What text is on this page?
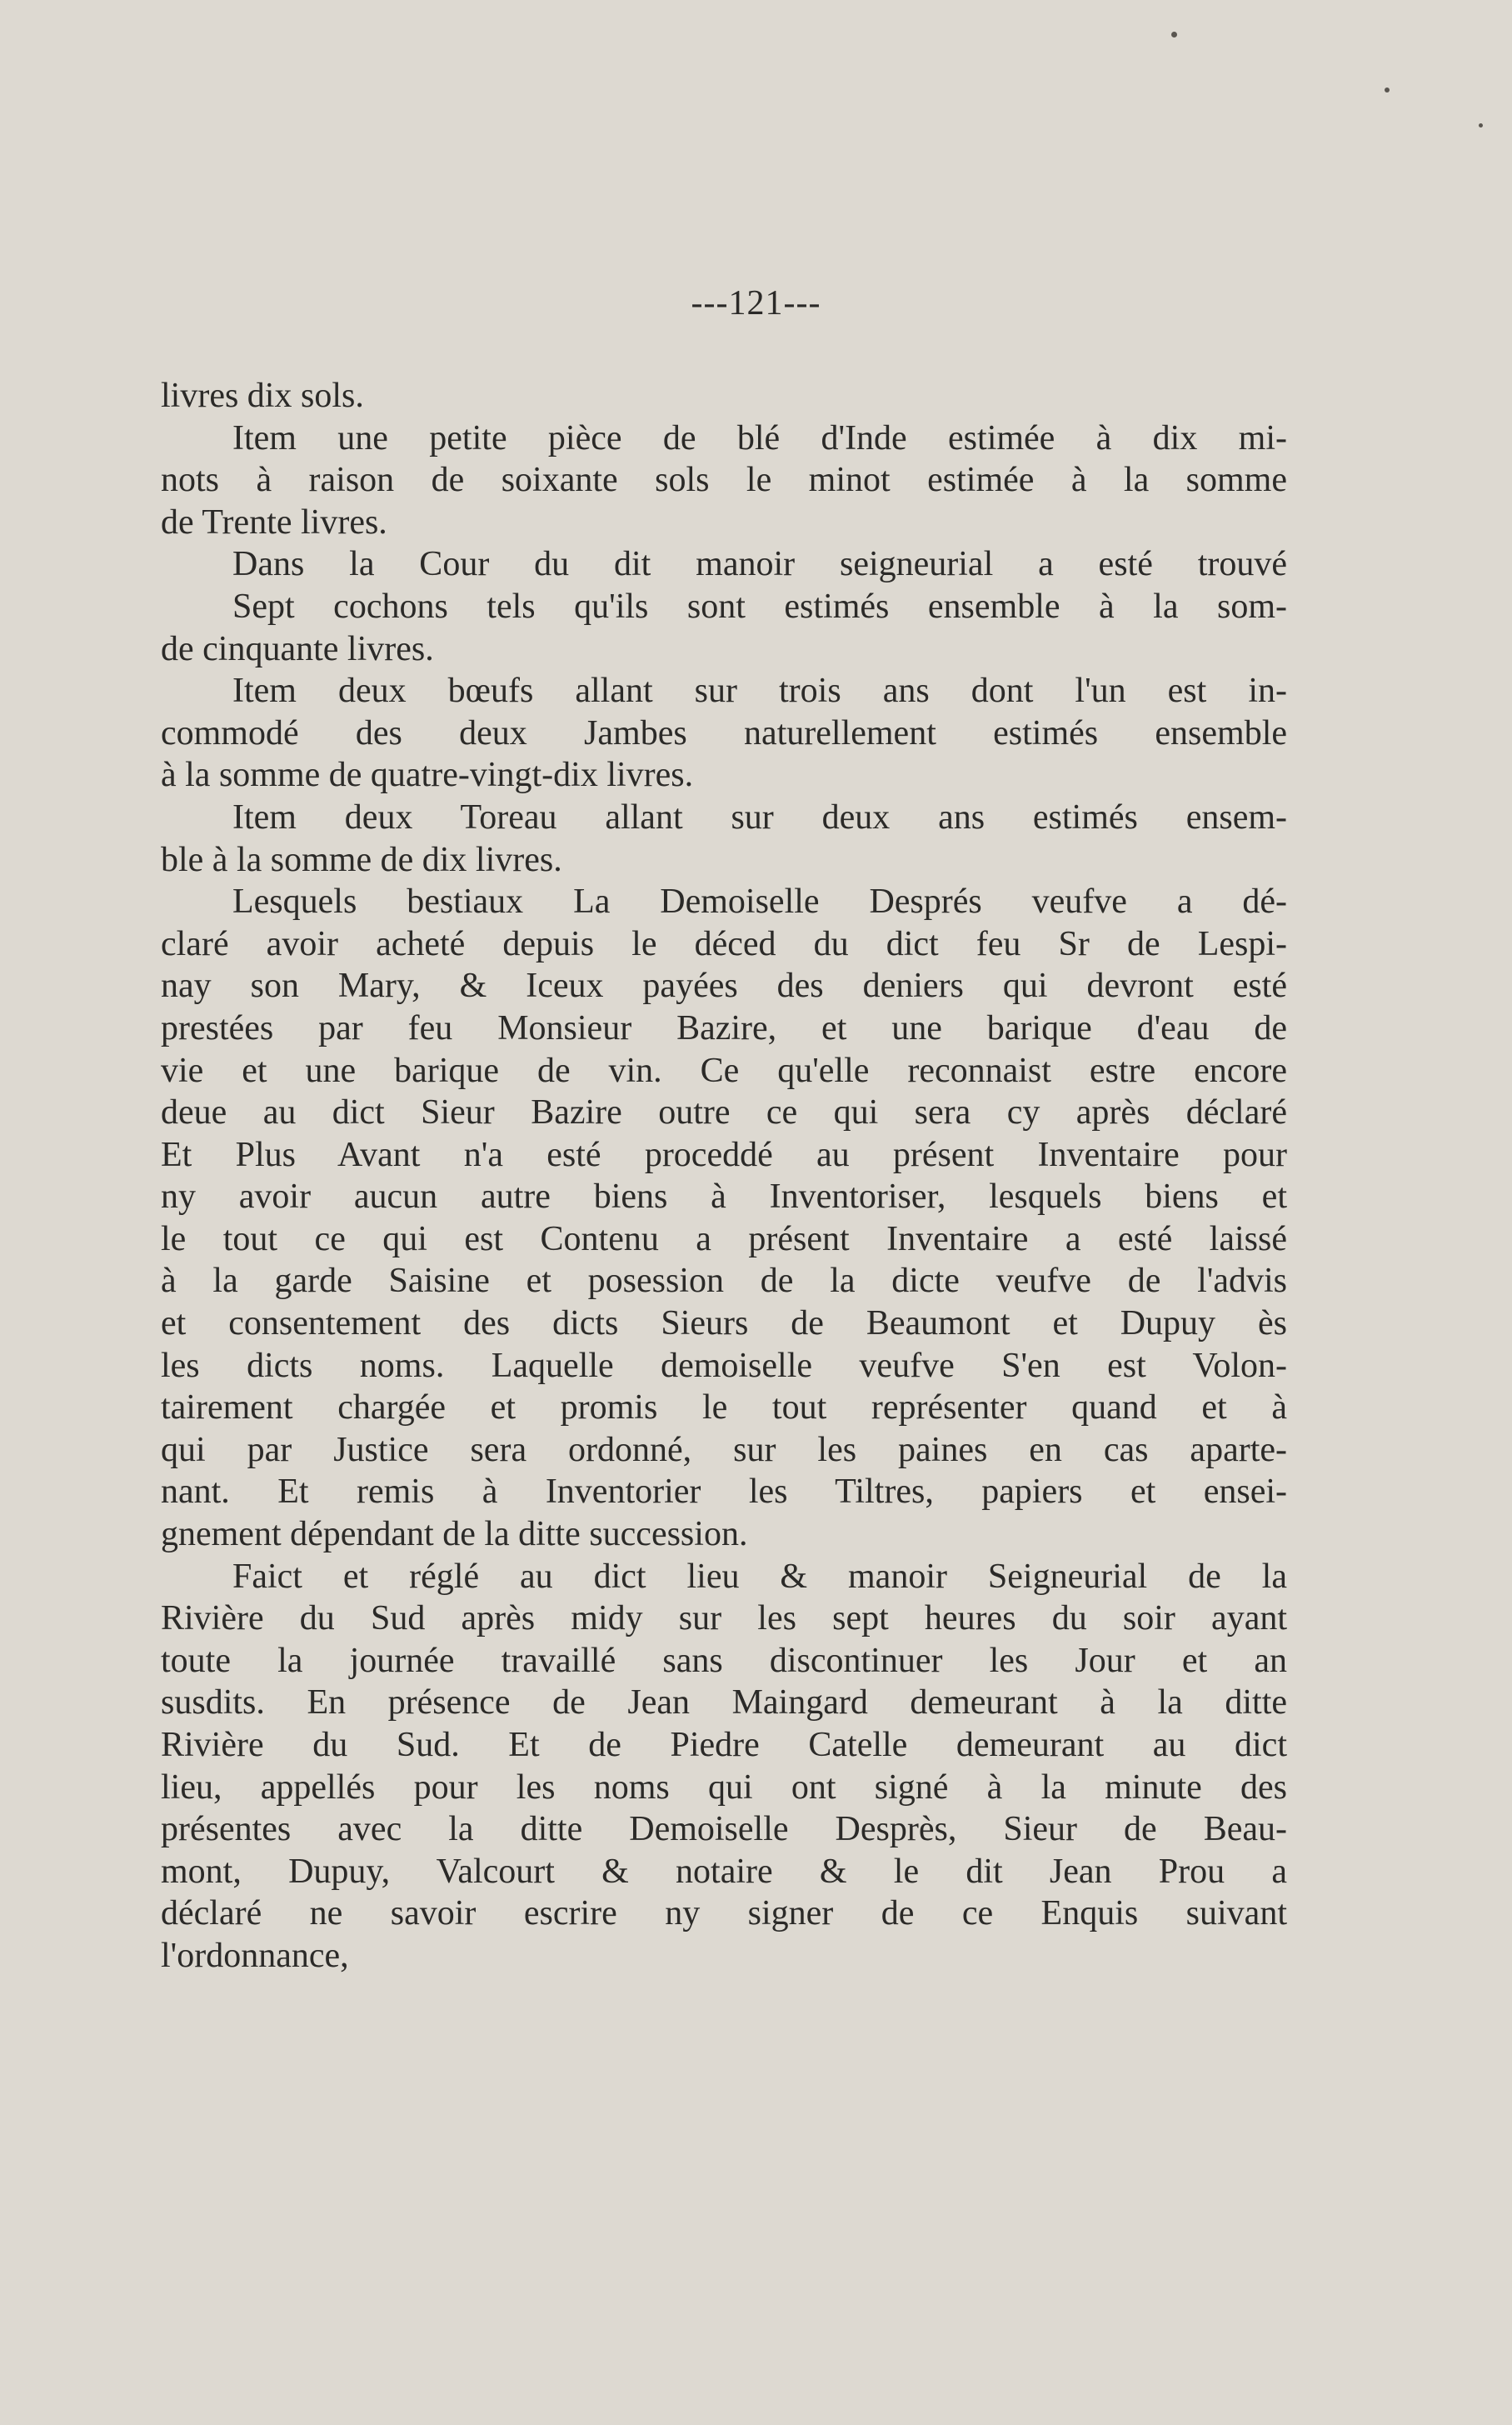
---121---
livres dix sols.
Item une petite pièce de blé d'Inde estimée à dix mi-
nots à raison de soixante sols le minot estimée à la somme
de Trente livres.
Dans la Cour du dit manoir seigneurial a esté trouvé
Sept cochons tels qu'ils sont estimés ensemble à la som-
de cinquante livres.
Item deux bœufs allant sur trois ans dont l'un est in-
commodé des deux Jambes naturellement estimés ensemble
à la somme de quatre-vingt-dix livres.
Item deux Toreau allant sur deux ans estimés ensem-
ble à la somme de dix livres.
Lesquels bestiaux La Demoiselle Després veufve a dé-
claré avoir acheté depuis le déced du dict feu Sr de Lespi-
nay son Mary, & Iceux payées des deniers qui devront esté
prestées par feu Monsieur Bazire, et une barique d'eau de
vie et une barique de vin. Ce qu'elle reconnaist estre encore
deue au dict Sieur Bazire outre ce qui sera cy après déclaré
Et Plus Avant n'a esté proceddé au présent Inventaire pour
ny avoir aucun autre biens à Inventoriser, lesquels biens et
le tout ce qui est Contenu a présent Inventaire a esté laissé
à la garde Saisine et posession de la dicte veufve de l'advis
et consentement des dicts Sieurs de Beaumont et Dupuy ès
les dicts noms. Laquelle demoiselle veufve S'en est Volon-
tairement chargée et promis le tout représenter quand et à
qui par Justice sera ordonné, sur les paines en cas aparte-
nant. Et remis à Inventorier les Tiltres, papiers et ensei-
gnement dépendant de la ditte succession.
Faict et réglé au dict lieu & manoir Seigneurial de la
Rivière du Sud après midy sur les sept heures du soir ayant
toute la journée travaillé sans discontinuer les Jour et an
susdits. En présence de Jean Maingard demeurant à la ditte
Rivière du Sud. Et de Piedre Catelle demeurant au dict
lieu, appellés pour les noms qui ont signé à la minute des
présentes avec la ditte Demoiselle Desprès, Sieur de Beau-
mont, Dupuy, Valcourt & notaire & le dit Jean Prou a
déclaré ne savoir escrire ny signer de ce Enquis suivant
l'ordonnance,
